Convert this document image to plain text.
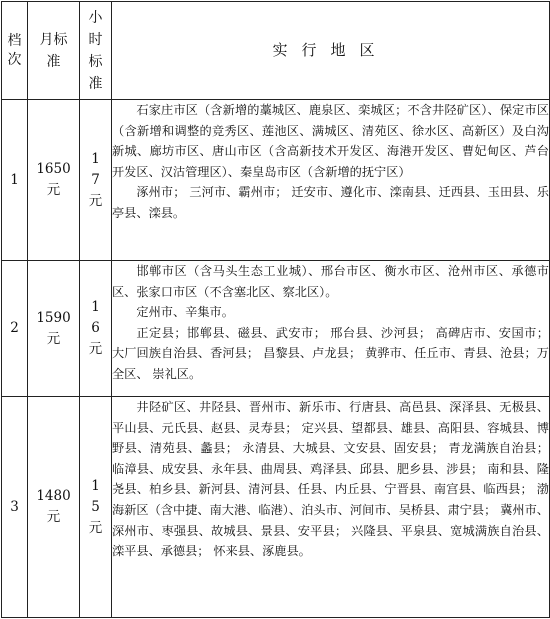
档次	月标准	小时标准	实行地区
1	1650元	17元	石家庄市区（含新增的藁城区、鹿泉区、栾城区；不含井陉矿区）、保定市区（含新增和调整的竞秀区、莲池区、满城区、清苑区、徐水区、高新区）及白沟新城、廊坊市区、唐山市区（含高新技术开发区、海港开发区、曹妃甸区、芦台开发区、汉沽管理区）、秦皇岛市区（含新增的抚宁区）

涿州市； 三河市、霸州市； 迁安市、遵化市、滦南县、迁西县、玉田县、乐亭县、滦县。

2	1590元	16元	邯郸市区（含马头生态工业城）、邢台市区、衡水市区、沧州市区、承德市区、张家口市区（不含塞北区、察北区）。

定州市、辛集市。

正定县；邯郸县、磁县、武安市； 邢台县、沙河县； 高碑店市、安国市； 大厂回族自治县、香河县； 昌黎县、卢龙县； 黄骅市、任丘市、青县、沧县；万全区、 崇礼区。

3	1480元	15元	井陉矿区、井陉县、晋州市、新乐市、行唐县、高邑县、深泽县、无极县、平山县、元氏县、赵县、灵寿县； 定兴县、望都县、雄县、高阳县、容城县、博野县、清苑县、蠡县； 永清县、大城县、文安县、固安县； 青龙满族自治县； 临漳县、成安县、永年县、曲周县、鸡泽县、邱县、肥乡县、涉县； 南和县、隆尧县、柏乡县、新河县、清河县、任县、内丘县、宁晋县、南宫县、临西县； 渤海新区（含中捷、南大港、临港）、泊头市、河间市、吴桥县、肃宁县； 冀州市、深州市、枣强县、故城县、景县、安平县； 兴隆县、平泉县、宽城满族自治县、滦平县、承德县； 怀来县、涿鹿县。
